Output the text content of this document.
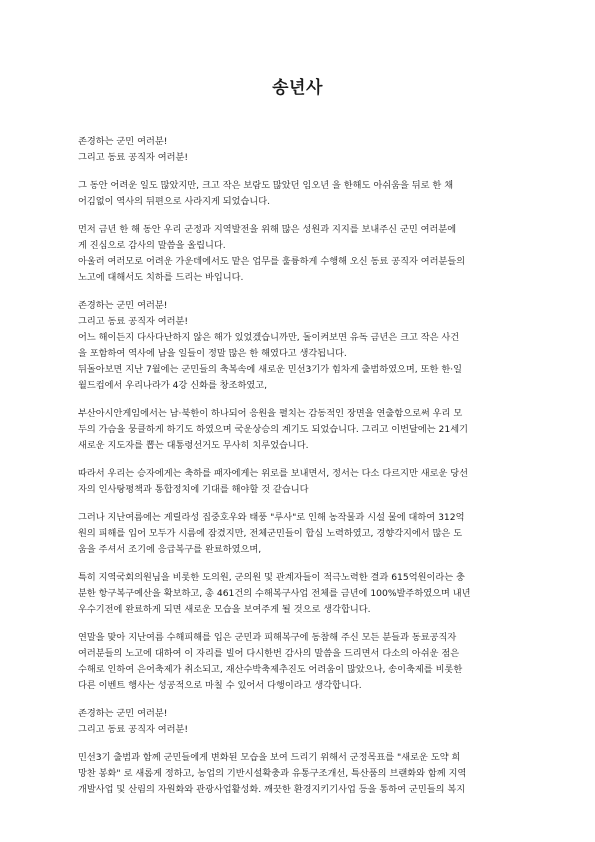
송년사
존경하는 군민 여러분!
그리고 동료 공직자 여러분!
그 동안 어려운 일도 많았지만, 크고 작은 보람도 많았던 임오년 을 한해도 아쉬움을 뒤로 한 채
어김없이 역사의 뒤편으로 사라지게 되었습니다.
먼저 금년 한 해 동안 우리 군정과 지역발전을 위해 많은 성원과 지지를 보내주신 군민 여러분에
게 진심으로 감사의 말씀을 올립니다.
아울러 여러모로 어려운 가운데에서도 맡은 업무를 훌륭하게 수행해 오신 동료 공직자 여러분들의
노고에 대해서도 치하를 드리는 바입니다.
존경하는 군민 여러분!
그리고 동료 공직자 여러분!
어느 해이든지 다사다난하지 않은 해가 있었겠습니까만, 돌이켜보면 유독 금년은 크고 작은 사건
을 포함하여 역사에 남을 일들이 정말 많은 한 해였다고 생각됩니다.
뒤돌아보면 지난 7월에는 군민들의 축복속에 새로운 민선3기가 힘차게 출범하였으며, 또한 한·일
월드컵에서 우리나라가 4강 신화를 창조하였고,
부산아시안게임에서는 남·북한이 하나되어 응원을 펼치는 감동적인 장면을 연출함으로써 우리 모
두의 가슴을 뭉클하게 하기도 하였으며 국운상승의 계기도 되었습니다. 그리고 이번달에는 21세기
새로운 지도자를 뽑는 대통령선거도 무사히 치루었습니다.
따라서 우리는 승자에게는 축하를 패자에게는 위로를 보내면서, 정서는 다소 다르지만 새로운 당선
자의 인사탕평책과 통합정치에 기대를 해야할 것 같습니다
그러나 지난여름에는 게릴라성 집중호우와 태풍 "루사"로 인해 농작물과 시설 물에 대하여 312억
원의 피해를 입어 모두가 시름에 잠겼지만, 전체군민들이 합심 노력하였고, 경향각지에서 많은 도
움을 주셔서 조기에 응급복구를 완료하였으며,
특히 지역국회의원님을 비롯한 도의원, 군의원 및 관계자들이 적극노력한 결과 615억원이라는 충
분한 항구복구예산을 확보하고, 총 461건의 수해복구사업 전체를 금년에 100%발주하였으며 내년
우수기전에 완료하게 되면 새로운 모습을 보여주게 될 것으로 생각합니다.
연말을 맞아 지난여름 수해피해를 입은 군민과 피해복구에 동참해 주신 모든 분들과 동료공직자
여러분들의 노고에 대하여 이 자리를 빌어 다시한번 감사의 말씀을 드리면서 다소의 아쉬운 점은
수해로 인하여 은어축제가 취소되고, 재산수박축제추진도 어려움이 많았으나, 송이축제를 비롯한
다른 이벤트 행사는 성공적으로 마칠 수 있어서 다행이라고 생각합니다.
존경하는 군민 여러분!
그리고 동료 공직자 여러분!
민선3기 출범과 함께 군민들에게 변화된 모습을 보여 드리기 위해서 군정목표를 "새로운 도약 희
망찬 봉화" 로 새롭게 정하고, 농업의 기반시설확충과 유통구조개선, 특산품의 브랜화와 함께 지역
개발사업 및 산림의 자원화와 관광사업활성화. 깨끗한 환경지키기사업 등을 통하여 군민들의 복지
